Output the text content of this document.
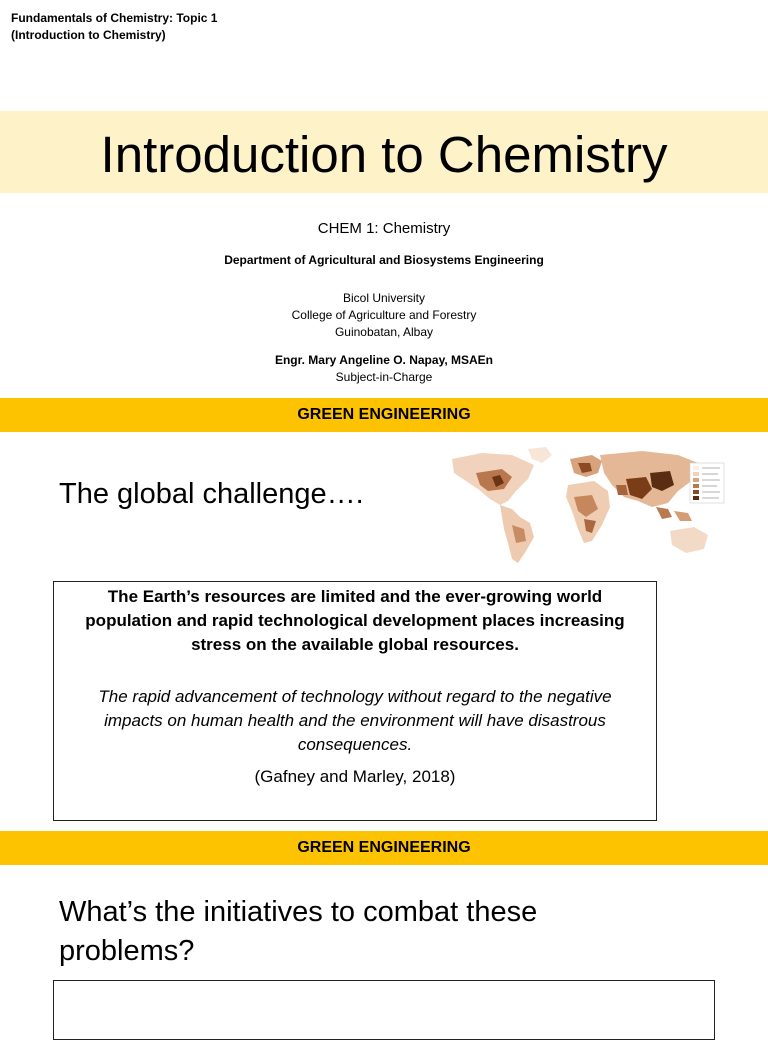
Fundamentals of Chemistry: Topic 1
(Introduction to Chemistry)
Introduction to Chemistry
CHEM 1: Chemistry
Department of Agricultural and Biosystems Engineering
Bicol University
College of Agriculture and Forestry
Guinobatan, Albay
Engr. Mary Angeline O. Napay, MSAEn
Subject-in-Charge
GREEN ENGINEERING
The global challenge….

The Earth’s resources are limited and the ever-growing world population and rapid technological development places increasing stress on the available global resources.

The rapid advancement of technology without regard to the negative impacts on human health and the environment will have disastrous consequences.

(Gafney and Marley, 2018)

GREEN ENGINEERING
What’s the initiatives to combat these problems?
